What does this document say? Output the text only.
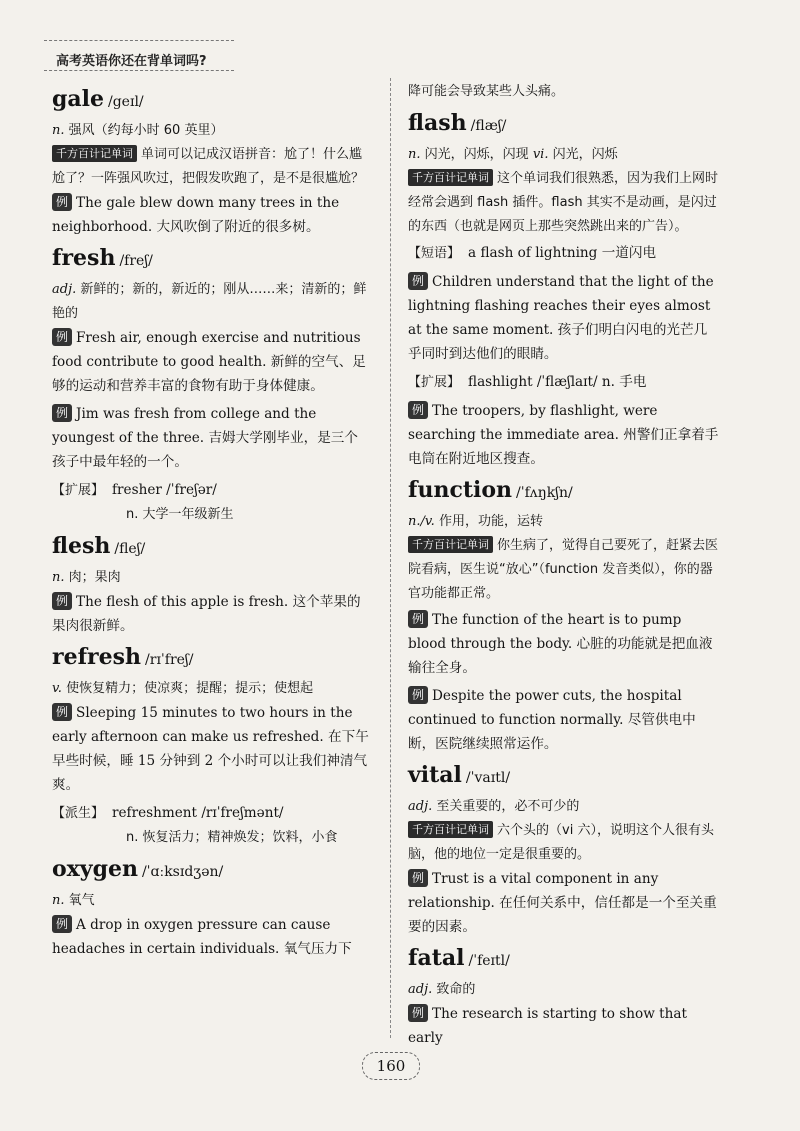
高考英语你还在背单词吗?
gale /geɪl/

n. 强风（约每小时 60 英里）

千方百计记单词 单词可以记成汉语拼音：尬了！什么尴尬了？一阵强风吹过，把假发吹跑了，是不是很尴尬？

例 The gale blew down many trees in the neighborhood. 大风吹倒了附近的很多树。

fresh /freʃ/

adj. 新鲜的；新的，新近的；刚从……来；清新的；鲜艳的

例 Fresh air, enough exercise and nutritious food contribute to good health. 新鲜的空气、足够的运动和营养丰富的食物有助于身体健康。

例 Jim was fresh from college and the youngest of the three. 吉姆大学刚毕业，是三个孩子中最年轻的一个。

【扩展】 fresher /ˈfreʃər/

n. 大学一年级新生

flesh /fleʃ/

n. 肉；果肉

例 The flesh of this apple is fresh. 这个苹果的果肉很新鲜。

refresh /rɪˈfreʃ/

v. 使恢复精力；使凉爽；提醒；提示；使想起

例 Sleeping 15 minutes to two hours in the early afternoon can make us refreshed. 在下午早些时候，睡 15 分钟到 2 个小时可以让我们神清气爽。

【派生】 refreshment /rɪˈfreʃmənt/

n. 恢复活力；精神焕发；饮料，小食

oxygen /ˈɑːksɪdʒən/

n. 氧气

例 A drop in oxygen pressure can cause headaches in certain individuals. 氧气压力下

降可能会导致某些人头痛。

flash /flæʃ/

n. 闪光，闪烁，闪现 vi. 闪光，闪烁

千方百计记单词 这个单词我们很熟悉，因为我们上网时经常会遇到 flash 插件。flash 其实不是动画，是闪过的东西（也就是网页上那些突然跳出来的广告）。

【短语】 a flash of lightning 一道闪电

例 Children understand that the light of the lightning flashing reaches their eyes almost at the same moment. 孩子们明白闪电的光芒几乎同时到达他们的眼睛。

【扩展】 flashlight /ˈflæʃlaɪt/ n. 手电

例 The troopers, by flashlight, were searching the immediate area. 州警们正拿着手电筒在附近地区搜查。

function /ˈfʌŋkʃn/

n./v. 作用，功能，运转

千方百计记单词 你生病了，觉得自己要死了，赶紧去医院看病，医生说“放心”（function 发音类似），你的器官功能都正常。

例 The function of the heart is to pump blood through the body. 心脏的功能就是把血液输往全身。

例 Despite the power cuts, the hospital continued to function normally. 尽管供电中断，医院继续照常运作。

vital /ˈvaɪtl/

adj. 至关重要的，必不可少的

千方百计记单词 六个头的（vi 六），说明这个人很有头脑，他的地位一定是很重要的。

例 Trust is a vital component in any relationship. 在任何关系中，信任都是一个至关重要的因素。

fatal /ˈfeɪtl/

adj. 致命的

例 The research is starting to show that early

160
